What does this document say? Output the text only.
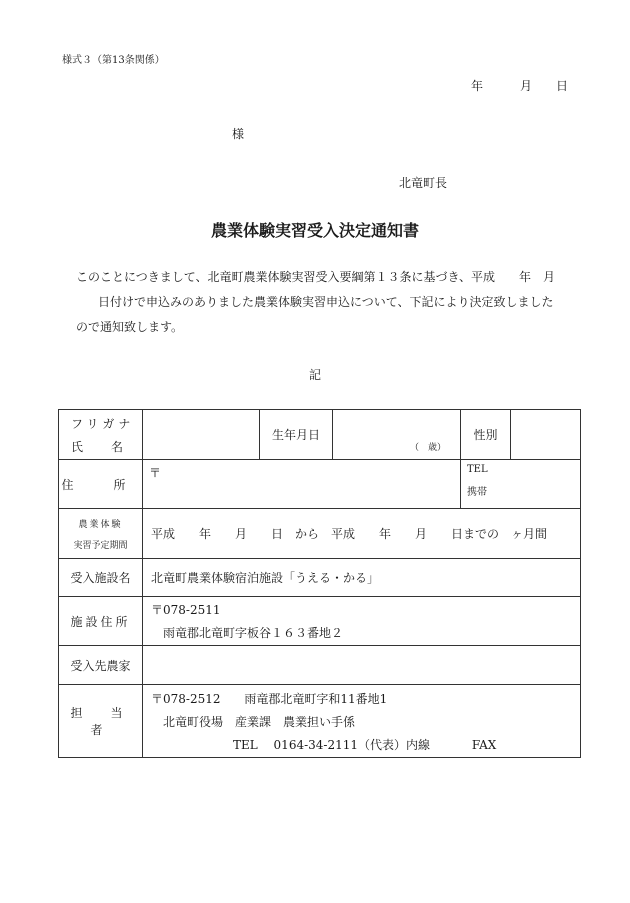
様式３（第13条関係）
年	月 日
様
北竜町長
農業体験実習受入決定通知書
このことにつきまして、北竜町農業体験実習受入要綱第１３条に基づき、平成　　年　月
日付けで申込みのありました農業体験実習申込について、下記により決定致しました
ので通知致します。
記
フリガナ
氏　名		生年月日	（　歳）	性別	
住　所	〒			TEL
携帯	

農業体験
実習予定期間	平成　　年　　月　　日　から　平成　　年　　月　　日までの　ヶ月間				
受入施設名	北竜町農業体験宿泊施設「うえる・かる」				
施設住所	〒078-2511
雨竜郡北竜町字板谷１６３番地２				

受入先農家					
担　当　者	〒078-2512 雨竜郡北竜町字和11番地1
北竜町役場　産業課　農業担い手係
TEL　 0164-34-2111（代表）内線 FAX				
